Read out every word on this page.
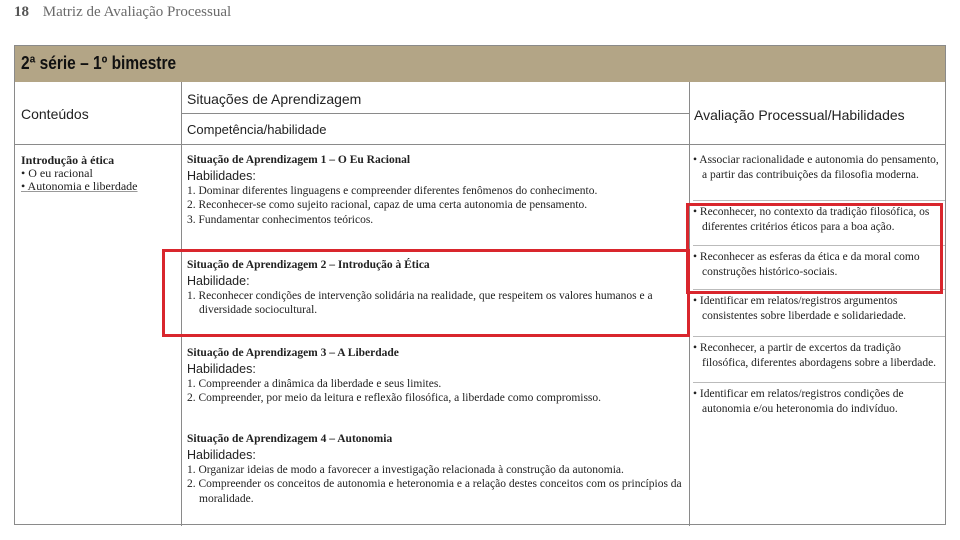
18 Matriz de Avaliação Processual
2ª série – 1º bimestre
Conteúdos
Situações de Aprendizagem
Competência/habilidade
Avaliação Processual/Habilidades
Introdução à ética
• O eu racional
• Autonomia e liberdade
Situação de Aprendizagem 1 – O Eu Racional
Habilidades:
1. Dominar diferentes linguagens e compreender diferentes fenômenos do conhecimento.
2. Reconhecer-se como sujeito racional, capaz de uma certa autonomia de pensamento.
3. Fundamentar conhecimentos teóricos.
Situação de Aprendizagem 2 – Introdução à Ética
Habilidade:
1. Reconhecer condições de intervenção solidária na realidade, que respeitem os valores humanos e a diversidade sociocultural.
Situação de Aprendizagem 3 – A Liberdade
Habilidades:
1. Compreender a dinâmica da liberdade e seus limites.
2. Compreender, por meio da leitura e reflexão filosófica, a liberdade como compromisso.
Situação de Aprendizagem 4 – Autonomia
Habilidades:
1. Organizar ideias de modo a favorecer a investigação relacionada à construção da autonomia.
2. Compreender os conceitos de autonomia e heteronomia e a relação destes conceitos com os princípios da moralidade.
• Associar racionalidade e autonomia do pensamento, a partir das contribuições da filosofia moderna.
• Reconhecer, no contexto da tradição filosófica, os diferentes critérios éticos para a boa ação.
• Reconhecer as esferas da ética e da moral como construções histórico-sociais.
• Identificar em relatos/registros argumentos consistentes sobre liberdade e solidariedade.
• Reconhecer, a partir de excertos da tradição filosófica, diferentes abordagens sobre a liberdade.
• Identificar em relatos/registros condições de autonomia e/ou heteronomia do indivíduo.
